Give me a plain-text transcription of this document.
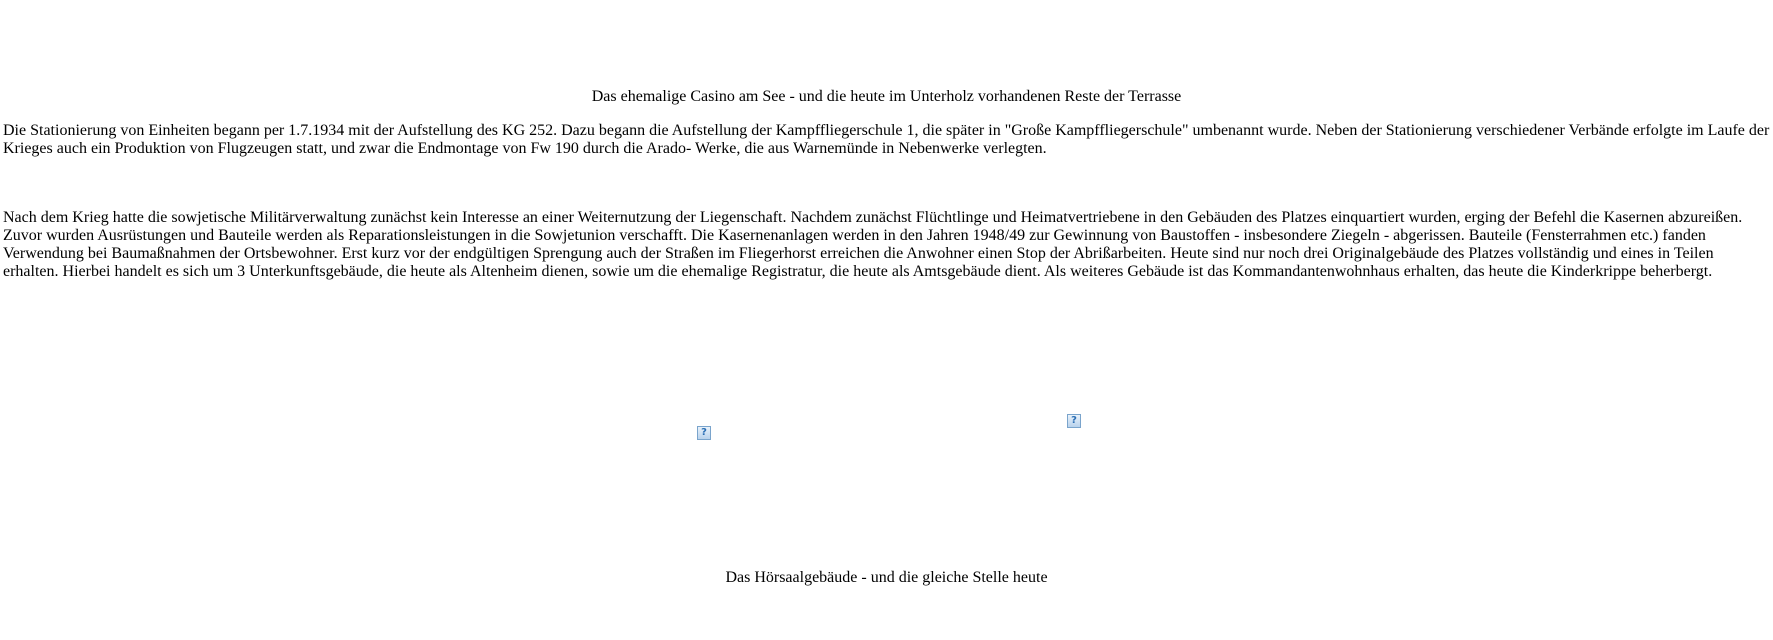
Das ehemalige Casino am See - und die heute im Unterholz vorhandenen Reste der Terrasse

Die Stationierung von Einheiten begann per 1.7.1934 mit der Aufstellung des KG 252. Dazu begann die Aufstellung der Kampffliegerschule 1, die später in "Große Kampffliegerschule" umbenannt wurde. Neben der Stationierung verschiedener Verbände erfolgte im Laufe der Krieges auch ein Produktion von Flugzeugen statt, und zwar die Endmontage von Fw 190 durch die Arado- Werke, die aus Warnemünde in Nebenwerke verlegten.

Nach dem Krieg hatte die sowjetische Militärverwaltung zunächst kein Interesse an einer Weiternutzung der Liegenschaft. Nachdem zunächst Flüchtlinge und Heimatvertriebene in den Gebäuden des Platzes einquartiert wurden, erging der Befehl die Kasernen abzureißen. Zuvor wurden Ausrüstungen und Bauteile werden als Reparationsleistungen in die Sowjetunion verschafft. Die Kasernenanlagen werden in den Jahren 1948/49 zur Gewinnung von Baustoffen - insbesondere Ziegeln - abgerissen. Bauteile (Fensterrahmen etc.) fanden Verwendung bei Baumaßnahmen der Ortsbewohner. Erst kurz vor der endgültigen Sprengung auch der Straßen im Fliegerhorst erreichen die Anwohner einen Stop der Abrißarbeiten. Heute sind nur noch drei Originalgebäude des Platzes vollständig und eines in Teilen erhalten. Hierbei handelt es sich um 3 Unterkunftsgebäude, die heute als Altenheim dienen, sowie um die ehemalige Registratur, die heute als Amtsgebäude dient. Als weiteres Gebäude ist das Kommandantenwohnhaus erhalten, das heute die Kinderkrippe beherbergt.

?
?
Das Hörsaalgebäude - und die gleiche Stelle heute
